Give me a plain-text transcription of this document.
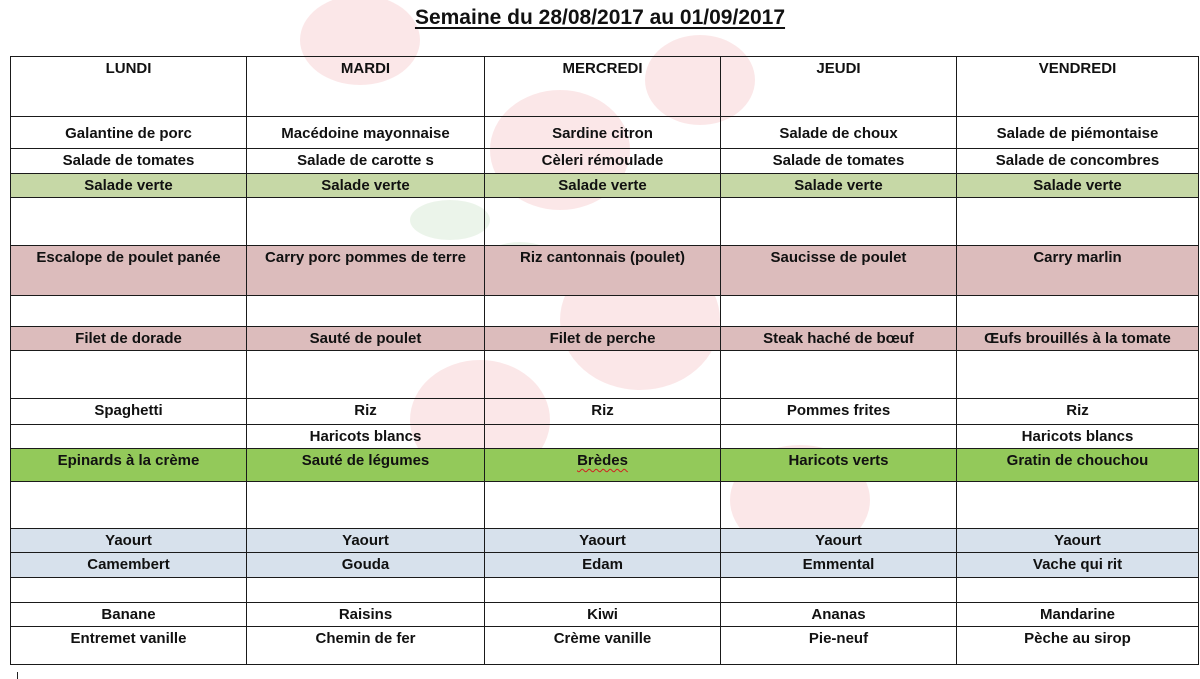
Semaine du 28/08/2017 au 01/09/2017
LUNDI	MARDI	MERCREDI	JEUDI	VENDREDI
Galantine de porc	Macédoine mayonnaise	Sardine citron	Salade de choux	Salade de piémontaise
Salade de tomates	Salade de carotte s	Cèleri rémoulade	Salade de tomates	Salade de concombres
Salade verte	Salade verte	Salade verte	Salade verte	Salade verte

Escalope de poulet panée	Carry porc pommes de terre	Riz cantonnais (poulet)	Saucisse de poulet	Carry marlin

Filet de dorade	Sauté de poulet	Filet de perche	Steak haché de bœuf	Œufs brouillés à la tomate

Spaghetti	Riz	Riz	Pommes frites	Riz
	Haricots blancs			Haricots blancs
Epinards à la crème	Sauté de légumes	Brèdes	Haricots verts	Gratin de chouchou

Yaourt	Yaourt	Yaourt	Yaourt	Yaourt
Camembert	Gouda	Edam	Emmental	Vache qui rit

Banane	Raisins	Kiwi	Ananas	Mandarine
Entremet vanille	Chemin de fer	Crème vanille	Pie-neuf	Pèche au sirop
